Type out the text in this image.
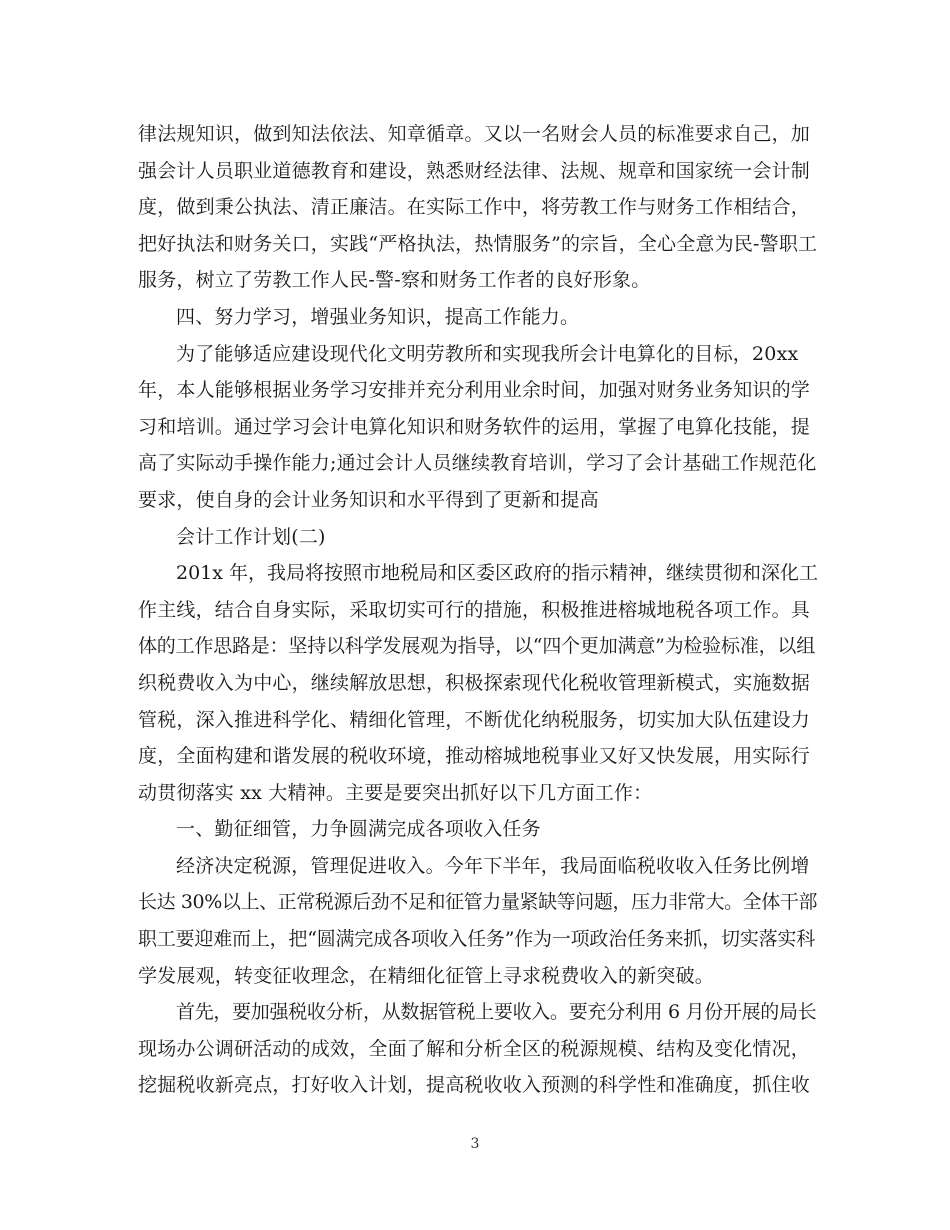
律法规知识，做到知法依法、知章循章。又以一名财会人员的标准要求自己，加
强会计人员职业道德教育和建设，熟悉财经法律、法规、规章和国家统一会计制
度，做到秉公执法、清正廉洁。在实际工作中，将劳教工作与财务工作相结合，
把好执法和财务关口，实践“严格执法，热情服务”的宗旨，全心全意为民-警职工
服务，树立了劳教工作人民-警-察和财务工作者的良好形象。
四、努力学习，增强业务知识，提高工作能力。
为了能够适应建设现代化文明劳教所和实现我所会计电算化的目标，20xx
年，本人能够根据业务学习安排并充分利用业余时间，加强对财务业务知识的学
习和培训。通过学习会计电算化知识和财务软件的运用，掌握了电算化技能，提
高了实际动手操作能力;通过会计人员继续教育培训，学习了会计基础工作规范化
要求，使自身的会计业务知识和水平得到了更新和提高
会计工作计划(二)
201x 年，我局将按照市地税局和区委区政府的指示精神，继续贯彻和深化工
作主线，结合自身实际，采取切实可行的措施，积极推进榕城地税各项工作。具
体的工作思路是：坚持以科学发展观为指导，以“四个更加满意”为检验标准，以组
织税费收入为中心，继续解放思想，积极探索现代化税收管理新模式，实施数据
管税，深入推进科学化、精细化管理，不断优化纳税服务，切实加大队伍建设力
度，全面构建和谐发展的税收环境，推动榕城地税事业又好又快发展，用实际行
动贯彻落实 xx 大精神。主要是要突出抓好以下几方面工作：
一、勤征细管，力争圆满完成各项收入任务
经济决定税源，管理促进收入。今年下半年，我局面临税收收入任务比例增
长达 30%以上、正常税源后劲不足和征管力量紧缺等问题，压力非常大。全体干部
职工要迎难而上，把“圆满完成各项收入任务”作为一项政治任务来抓，切实落实科
学发展观，转变征收理念，在精细化征管上寻求税费收入的新突破。
首先，要加强税收分析，从数据管税上要收入。要充分利用 6 月份开展的局长
现场办公调研活动的成效，全面了解和分析全区的税源规模、结构及变化情况，
挖掘税收新亮点，打好收入计划，提高税收收入预测的科学性和准确度，抓住收
3
